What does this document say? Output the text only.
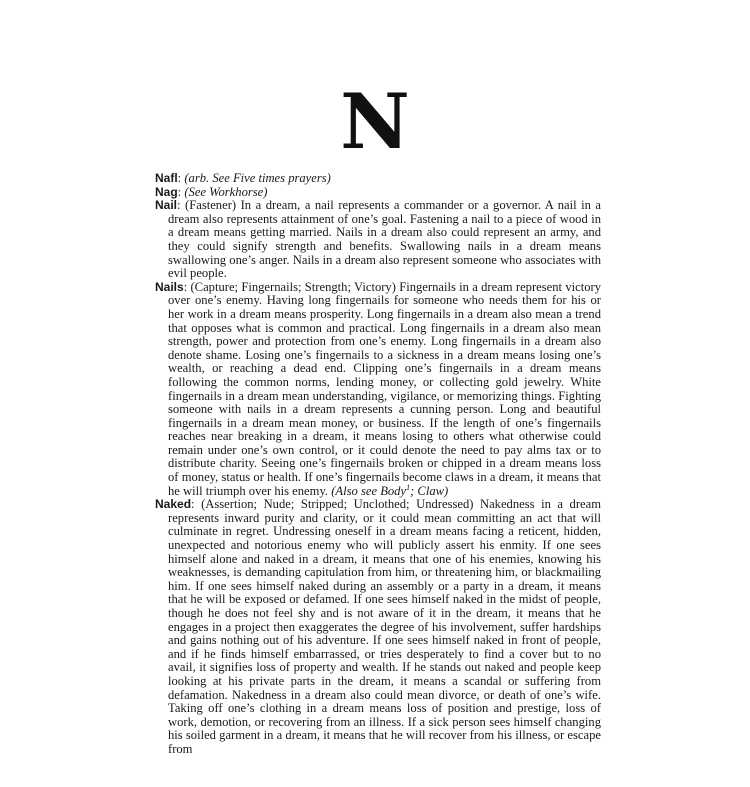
N

Nafl: (arb. See Five times prayers)

Nag: (See Workhorse)

Nail: (Fastener) In a dream, a nail represents a commander or a governor. A nail in a dream also represents attainment of one’s goal. Fastening a nail to a piece of wood in a dream means getting married. Nails in a dream also could represent an army, and they could signify strength and benefits. Swallowing nails in a dream means swallowing one’s anger. Nails in a dream also represent someone who associates with evil people.

Nails: (Capture; Fingernails; Strength; Victory) Fingernails in a dream represent victory over one’s enemy. Having long fingernails for someone who needs them for his or her work in a dream means prosperity. Long fingernails in a dream also mean a trend that opposes what is common and practical. Long fingernails in a dream also mean strength, power and protection from one’s enemy. Long fingernails in a dream also denote shame. Losing one’s fingernails to a sickness in a dream means losing one’s wealth, or reaching a dead end. Clipping one’s fingernails in a dream means following the common norms, lending money, or collecting gold jewelry. White fingernails in a dream mean understanding, vigilance, or memorizing things. Fighting someone with nails in a dream represents a cunning person. Long and beautiful fingernails in a dream mean money, or business. If the length of one’s fingernails reaches near breaking in a dream, it means losing to others what otherwise could remain under one’s own control, or it could denote the need to pay alms tax or to distribute charity. Seeing one’s fingernails broken or chipped in a dream means loss of money, status or health. If one’s fingernails become claws in a dream, it means that he will triumph over his enemy. (Also see Body$^1$; Claw)

Naked: (Assertion; Nude; Stripped; Unclothed; Undressed) Nakedness in a dream represents inward purity and clarity, or it could mean committing an act that will culminate in regret. Undressing oneself in a dream means facing a reticent, hidden, unexpected and notorious enemy who will publicly assert his enmity. If one sees himself alone and naked in a dream, it means that one of his enemies, knowing his weaknesses, is demanding capitulation from him, or threatening him, or blackmailing him. If one sees himself naked during an assembly or a party in a dream, it means that he will be exposed or defamed. If one sees himself naked in the midst of people, though he does not feel shy and is not aware of it in the dream, it means that he engages in a project then exaggerates the degree of his involvement, suffer hardships and gains nothing out of his adventure. If one sees himself naked in front of people, and if he finds himself embarrassed, or tries desperately to find a cover but to no avail, it signifies loss of property and wealth. If he stands out naked and people keep looking at his private parts in the dream, it means a scandal or suffering from defamation. Nakedness in a dream also could mean divorce, or death of one’s wife. Taking off one’s clothing in a dream means loss of position and prestige, loss of work, demotion, or recovering from an illness. If a sick person sees himself changing his soiled garment in a dream, it means that he will recover from his illness, or escape from
